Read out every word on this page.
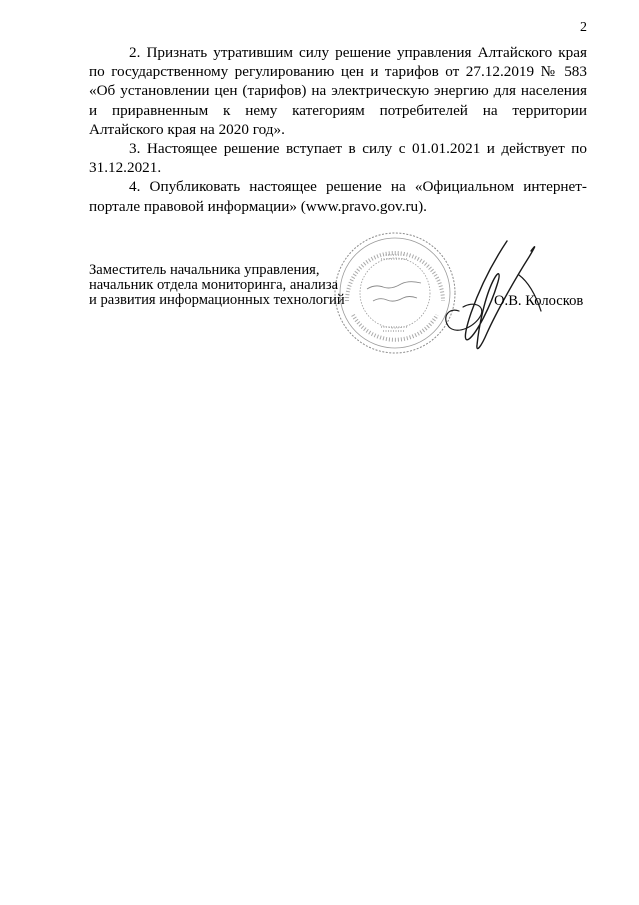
2

2. Признать утратившим силу решение управления Алтайского края по государственному регулированию цен и тарифов от 27.12.2019 № 583 «Об установлении цен (тарифов) на электрическую энергию для населения и приравненным к нему категориям потребителей на территории Алтайского края на 2020 год».

3. Настоящее решение вступает в силу с 01.01.2021 и действует по 31.12.2021.

4. Опубликовать настоящее решение на «Официальном интернет-портале правовой информации» (www.pravo.gov.ru).

Заместитель начальника управления,
начальник отдела мониторинга, анализа
и развития информационных технологий	О.В. Колосков
